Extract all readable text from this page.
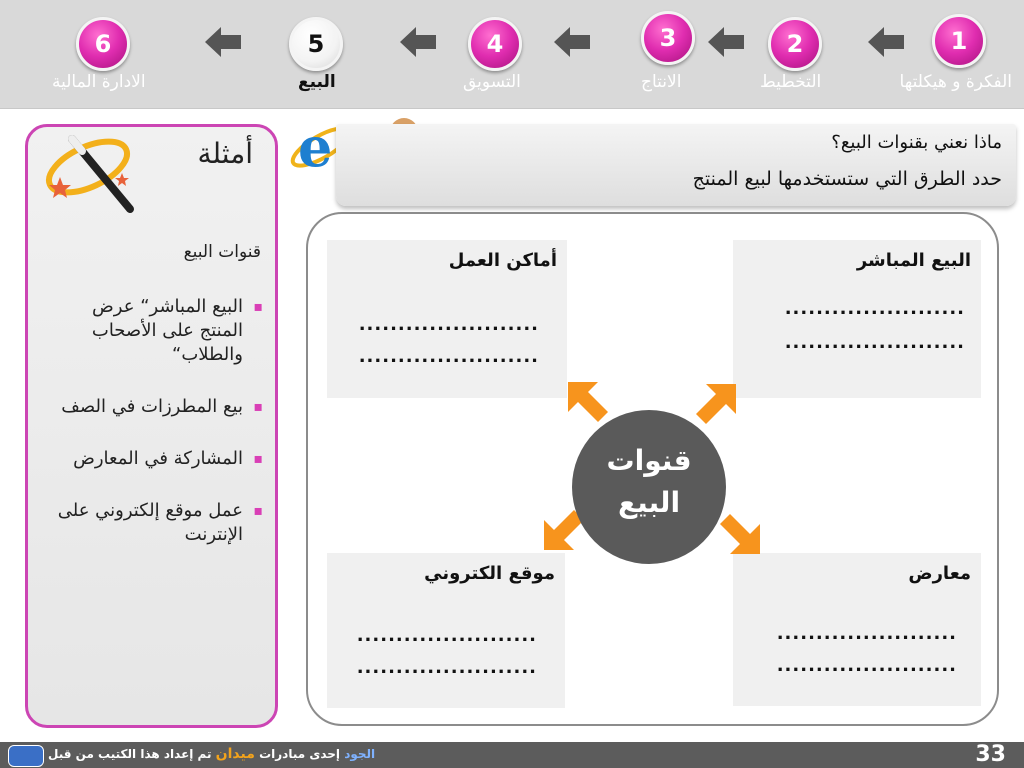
1
الفكرة و هيكلتها
2
التخطيط
3
الانتاج
4
التسويق
5
البيع
6
الادارة المالية
أمثلة
قنوات البيع
▪ البيع المباشر“ عرض المنتج على الأصحاب والطلاب“
▪ بيع المطرزات في الصف
▪ المشاركة في المعارض
▪ عمل موقع إلكتروني على الإنترنت
e	ماذا نعني بقنوات البيع؟
حدد الطرق التي ستستخدمها لبيع المنتج
البيع المباشر
.......................
.......................
أماكن العمل
.......................
.......................
معارض
.......................
.......................
موقع الكتروني
.......................
.......................
قنوات
البيع
الجود إحدى مبادرات ميدان تم إعداد هذا الكتيب من قبل	33
